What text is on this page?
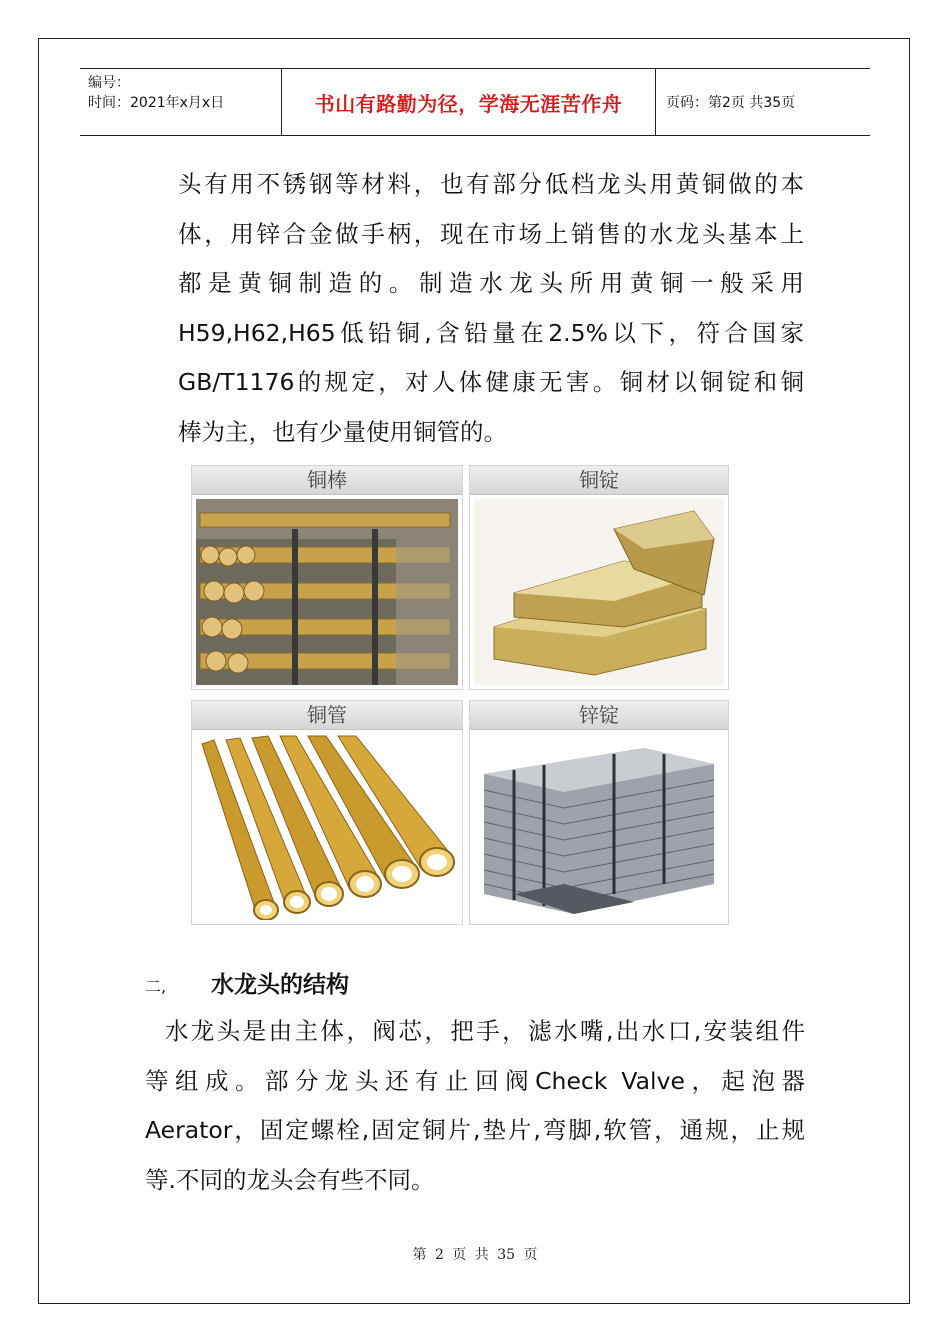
编号：
时间：2021年x月x日	书山有路勤为径，学海无涯苦作舟	页码：第2页 共35页
头有用不锈钢等材料，也有部分低档龙头用黄铜做的本
体，用锌合金做手柄，现在市场上销售的水龙头基本上
都是黄铜制造的。制造水龙头所用黄铜一般采用
H59,H62,H65低铅铜,含铅量在2.5%以下，符合国家
GB/T1176的规定，对人体健康无害。铜材以铜锭和铜
棒为主，也有少量使用铜管的。
铜棒	铜锭
铜管	锌锭
二,	水龙头的结构
水龙头是由主体，阀芯，把手，滤水嘴,出水口,安装组件
等组成。部分龙头还有止回阀Check Valve，起泡器
Aerator，固定螺栓,固定铜片,垫片,弯脚,软管，通规，止规
等.不同的龙头会有些不同。
第 2 页 共 35 页
